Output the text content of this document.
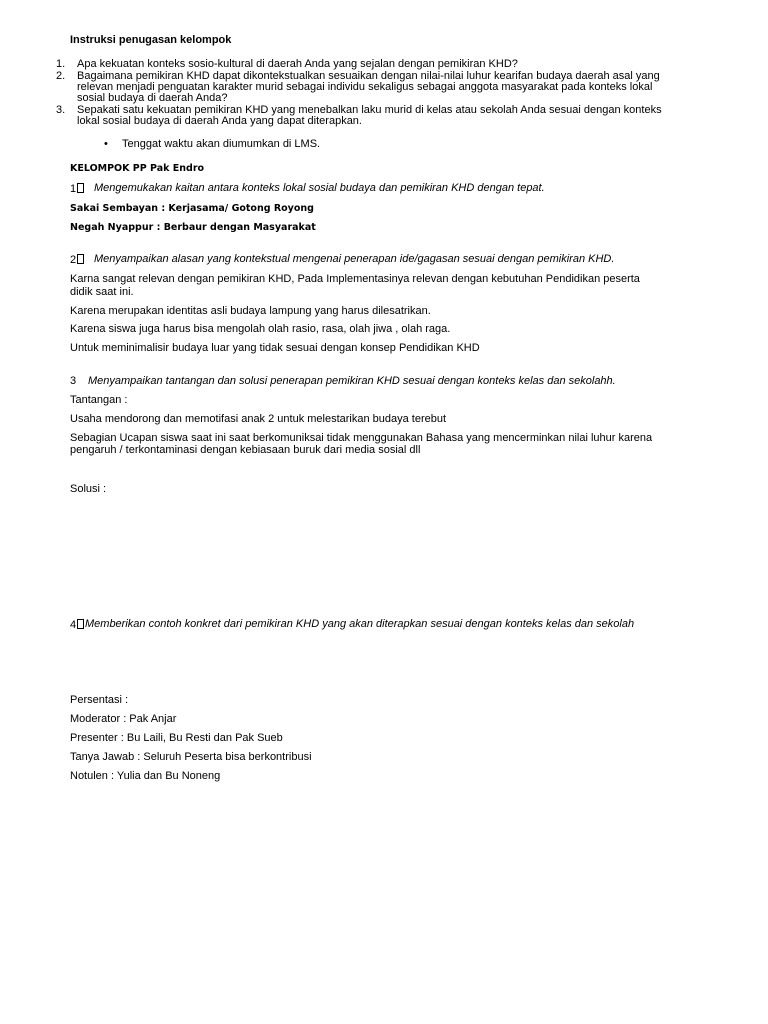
Instruksi penugasan kelompok
1. Apa kekuatan konteks sosio-kultural di daerah Anda yang sejalan dengan pemikiran KHD?
2. Bagaimana pemikiran KHD dapat dikontekstualkan sesuaikan dengan nilai-nilai luhur kearifan budaya daerah asal yang
relevan menjadi penguatan karakter murid sebagai individu sekaligus sebagai anggota masyarakat pada konteks lokal
sosial budaya di daerah Anda?
3. Sepakati satu kekuatan pemikiran KHD yang menebalkan laku murid di kelas atau sekolah Anda sesuai dengan konteks
lokal sosial budaya di daerah Anda yang dapat diterapkan.
• Tenggat waktu akan diumumkan di LMS.
KELOMPOK PP Pak Endro
1	Mengemukakan kaitan antara konteks lokal sosial budaya dan pemikiran KHD dengan tepat.
Sakai Sembayan : Kerjasama/ Gotong Royong
Negah Nyappur : Berbaur dengan Masyarakat
2	Menyampaikan alasan yang kontekstual mengenai penerapan ide/gagasan sesuai dengan pemikiran KHD.
Karna sangat relevan dengan pemikiran KHD, Pada Implementasinya relevan dengan kebutuhan Pendidikan peserta
didik saat ini.
Karena merupakan identitas asli budaya lampung yang harus dilesatrikan.
Karena siswa juga harus bisa mengolah olah rasio, rasa, olah jiwa , olah raga.
Untuk meminimalisir budaya luar yang tidak sesuai dengan konsep Pendidikan KHD
3 Menyampaikan tantangan dan solusi penerapan pemikiran KHD sesuai dengan konteks kelas dan sekolahh.
Tantangan :
Usaha mendorong dan memotifasi anak 2 untuk melestarikan budaya terebut
Sebagian Ucapan siswa saat ini saat berkomuniksai tidak menggunakan Bahasa yang mencerminkan nilai luhur karena
pengaruh / terkontaminasi dengan kebiasaan buruk dari media sosial dll
Solusi :
4 Memberikan contoh konkret dari pemikiran KHD yang akan diterapkan sesuai dengan konteks kelas dan sekolah
Persentasi :
Moderator : Pak Anjar
Presenter : Bu Laili, Bu Resti dan Pak Sueb
Tanya Jawab : Seluruh Peserta bisa berkontribusi
Notulen : Yulia dan Bu Noneng
